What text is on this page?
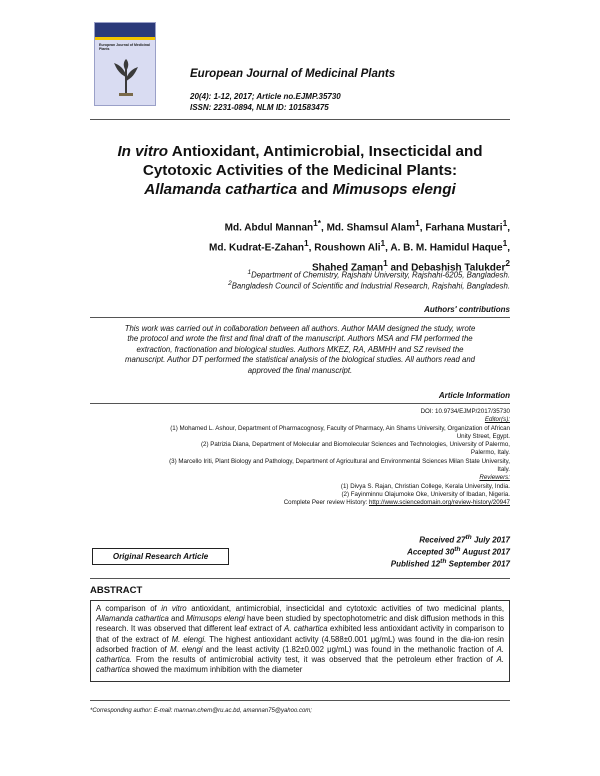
European Journal of Medicinal Plants
European Journal of Medicinal Plants
20(4): 1-12, 2017; Article no.EJMP.35730
ISSN: 2231-0894, NLM ID: 101583475
In vitro Antioxidant, Antimicrobial, Insecticidal and
Cytotoxic Activities of the Medicinal Plants:
Allamanda cathartica and Mimusops elengi
Md. Abdul Mannan$^{1*}$, Md. Shamsul Alam$^1$, Farhana Mustari$^1$,
Md. Kudrat-E-Zahan$^1$, Roushown Ali$^1$, A. B. M. Hamidul Haque$^1$,
Shahed Zaman$^1$ and Debashish Talukder$^2$
$^1$Department of Chemistry, Rajshahi University, Rajshahi-6205, Bangladesh.
$^2$Bangladesh Council of Scientific and Industrial Research, Rajshahi, Bangladesh.
Authors' contributions
This work was carried out in collaboration between all authors. Author MAM designed the study, wrote
the protocol and wrote the first and final draft of the manuscript. Authors MSA and FM performed the
extraction, fractionation and biological studies. Authors MKEZ, RA, ABMHH and SZ revised the
manuscript. Author DT performed the statistical analysis of the biological studies. All authors read and
approved the final manuscript.
Article Information
DOI: 10.9734/EJMP/2017/35730
Editor(s):
(1) Mohamed L. Ashour, Department of Pharmacognosy, Faculty of Pharmacy, Ain Shams University, Organization of African
Unity Street, Egypt.
(2) Patrizia Diana, Department of Molecular and Biomolecular Sciences and Technologies, University of Palermo,
Palermo, Italy.
(3) Marcello Iriti, Plant Biology and Pathology, Department of Agricultural and Environmental Sciences Milan State University,
Italy.
Reviewers:
(1) Divya S. Rajan, Christian College, Kerala University, India.
(2) Fayinminnu Olajumoke Oke, University of Ibadan, Nigeria.
Complete Peer review History: http://www.sciencedomain.org/review-history/20947
Original Research Article
Received 27th July 2017
Accepted 30th August 2017
Published 12th September 2017
ABSTRACT

A comparison of in vitro antioxidant, antimicrobial, insecticidal and cytotoxic activities of two medicinal plants, Allamanda cathartica and Mimusops elengi have been studied by spectophotometric and disk diffusion methods in this research. It was observed that different leaf extract of A. cathartica exhibited less antioxidant activity in comparison to that of the extract of M. elengi. The highest antioxidant activity (4.588±0.001 μg/mL) was found in the dia-ion resin adsorbed fraction of M. elengi and the least activity (1.82±0.002 μg/mL) was found in the methanolic fraction of A. cathartica. From the results of antimicrobial activity test, it was observed that the petroleum ether fraction of A. cathartica showed the maximum inhibition with the diameter

*Corresponding author: E-mail: mannan.chem@ru.ac.bd, amannan75@yahoo.com;
